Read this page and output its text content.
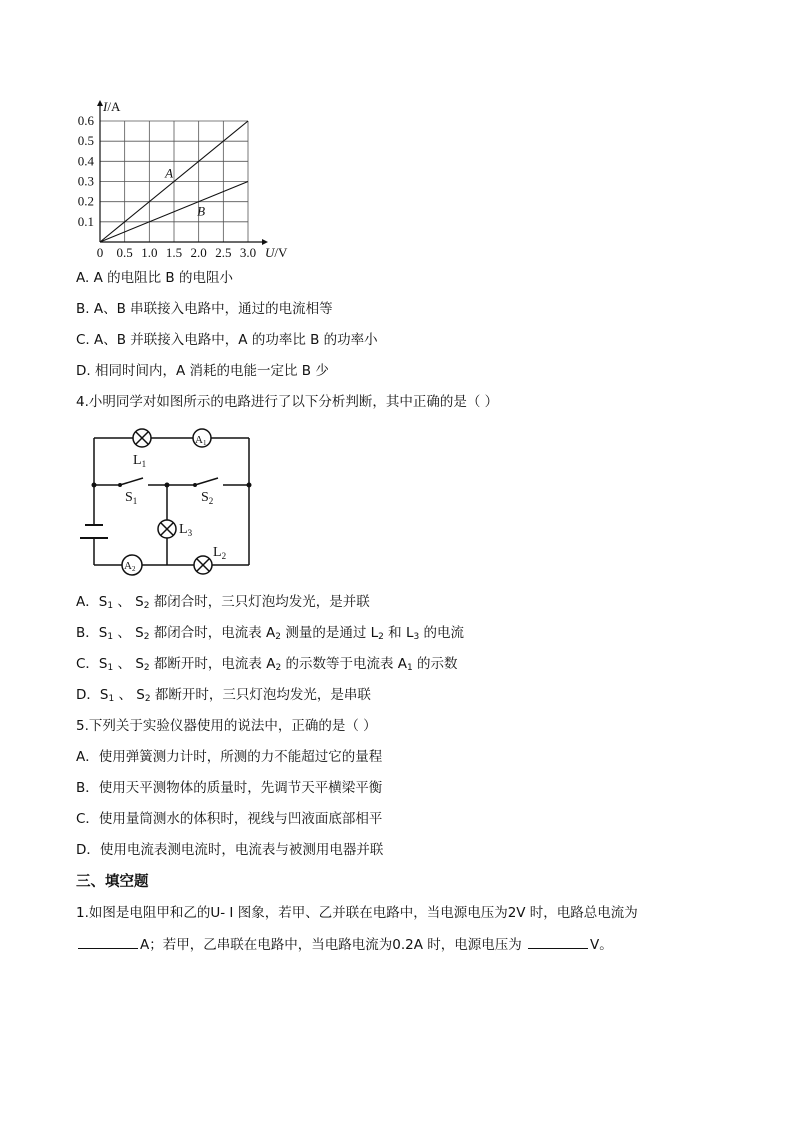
0 0.5 1.0 1.5 2.0 2.5 3.0
0.1
0.2
0.3
0.4
0.5
0.6
I/A
U/V
A
B
A. A 的电阻比 B 的电阻小
B. A、B 串联接入电路中，通过的电流相等
C. A、B 并联接入电路中，A 的功率比 B 的功率小
D. 相同时间内，A 消耗的电能一定比 B 少
4.小明同学对如图所示的电路进行了以下分析判断，其中正确的是（ ）
$L_1$
A1
$S_1$	$S_2$
$L_3$
$L_2$
A2
A．$S_1$ 、 $S_2$ 都闭合时，三只灯泡均发光，是并联
B．$S_1$ 、 $S_2$ 都闭合时，电流表 $A_2$ 测量的是通过 $L_2$ 和 $L_3$ 的电流
C．$S_1$ 、 $S_2$ 都断开时，电流表 $A_2$ 的示数等于电流表 $A_1$ 的示数
D．$S_1$ 、 $S_2$ 都断开时，三只灯泡均发光，是串联
5.下列关于实验仪器使用的说法中，正确的是（ ）
A．使用弹簧测力计时，所测的力不能超过它的量程
B．使用天平测物体的质量时，先调节天平横梁平衡
C．使用量筒测水的体积时，视线与凹液面底部相平
D．使用电流表测电流时，电流表与被测用电器并联
三、填空题
1.如图是电阻甲和乙的U- I 图象，若甲、乙并联在电路中，当电源电压为2V 时，电路总电流为
A；若甲，乙串联在电路中，当电路电流为0.2A 时，电源电压为	V。
